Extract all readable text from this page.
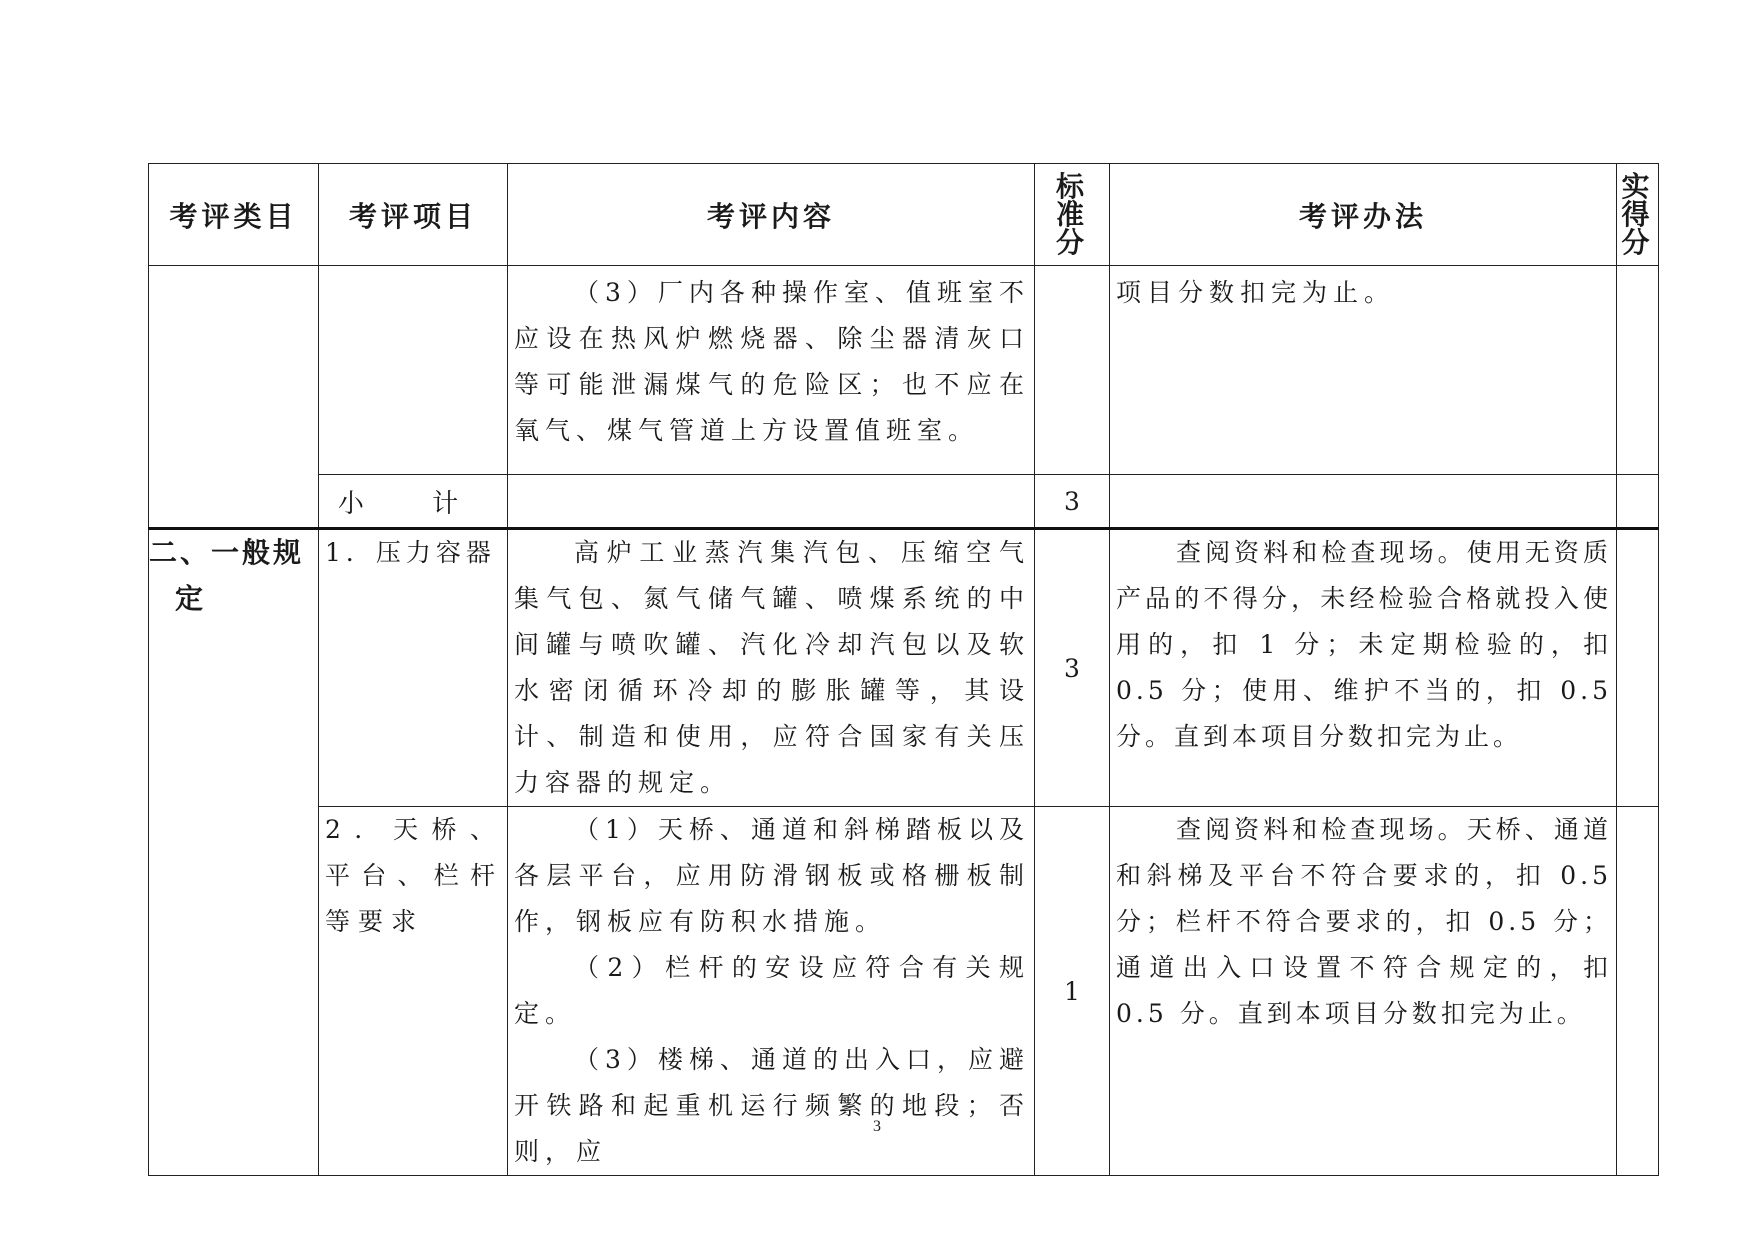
考评类目	考评项目	考评内容	标
准
分	考评办法	实
得
分

		（3）厂内各种操作室、值班室不应设在热风炉燃烧器、除尘器清灰口等可能泄漏煤气的危险区；也不应在氧气、煤气管道上方设置值班室。		项目分数扣完为止。	

	小 计		3		

二、一般规
定	1．压力容器	高炉工业蒸汽集汽包、压缩空气集气包、氮气储气罐、喷煤系统的中间罐与喷吹罐、汽化冷却汽包以及软水密闭循环冷却的膨胀罐等，其设计、制造和使用，应符合国家有关压力容器的规定。	3	查阅资料和检查现场。使用无资质产品的不得分，未经检验合格就投入使用的，扣 1 分；未定期检验的，扣 0.5 分；使用、维护不当的，扣 0.5 分。直到本项目分数扣完为止。	

	2．天桥、平台、栏杆等要求	（1）天桥、通道和斜梯踏板以及各层平台，应用防滑钢板或格栅板制作，钢板应有防积水措施。
（2）栏杆的安设应符合有关规定。
（3）楼梯、通道的出入口，应避开铁路和起重机运行频繁的地段；否则，应	1	查阅资料和检查现场。天桥、通道和斜梯及平台不符合要求的，扣 0.5 分；栏杆不符合要求的，扣 0.5 分；通道出入口设置不符合规定的，扣 0.5 分。直到本项目分数扣完为止。	

3
